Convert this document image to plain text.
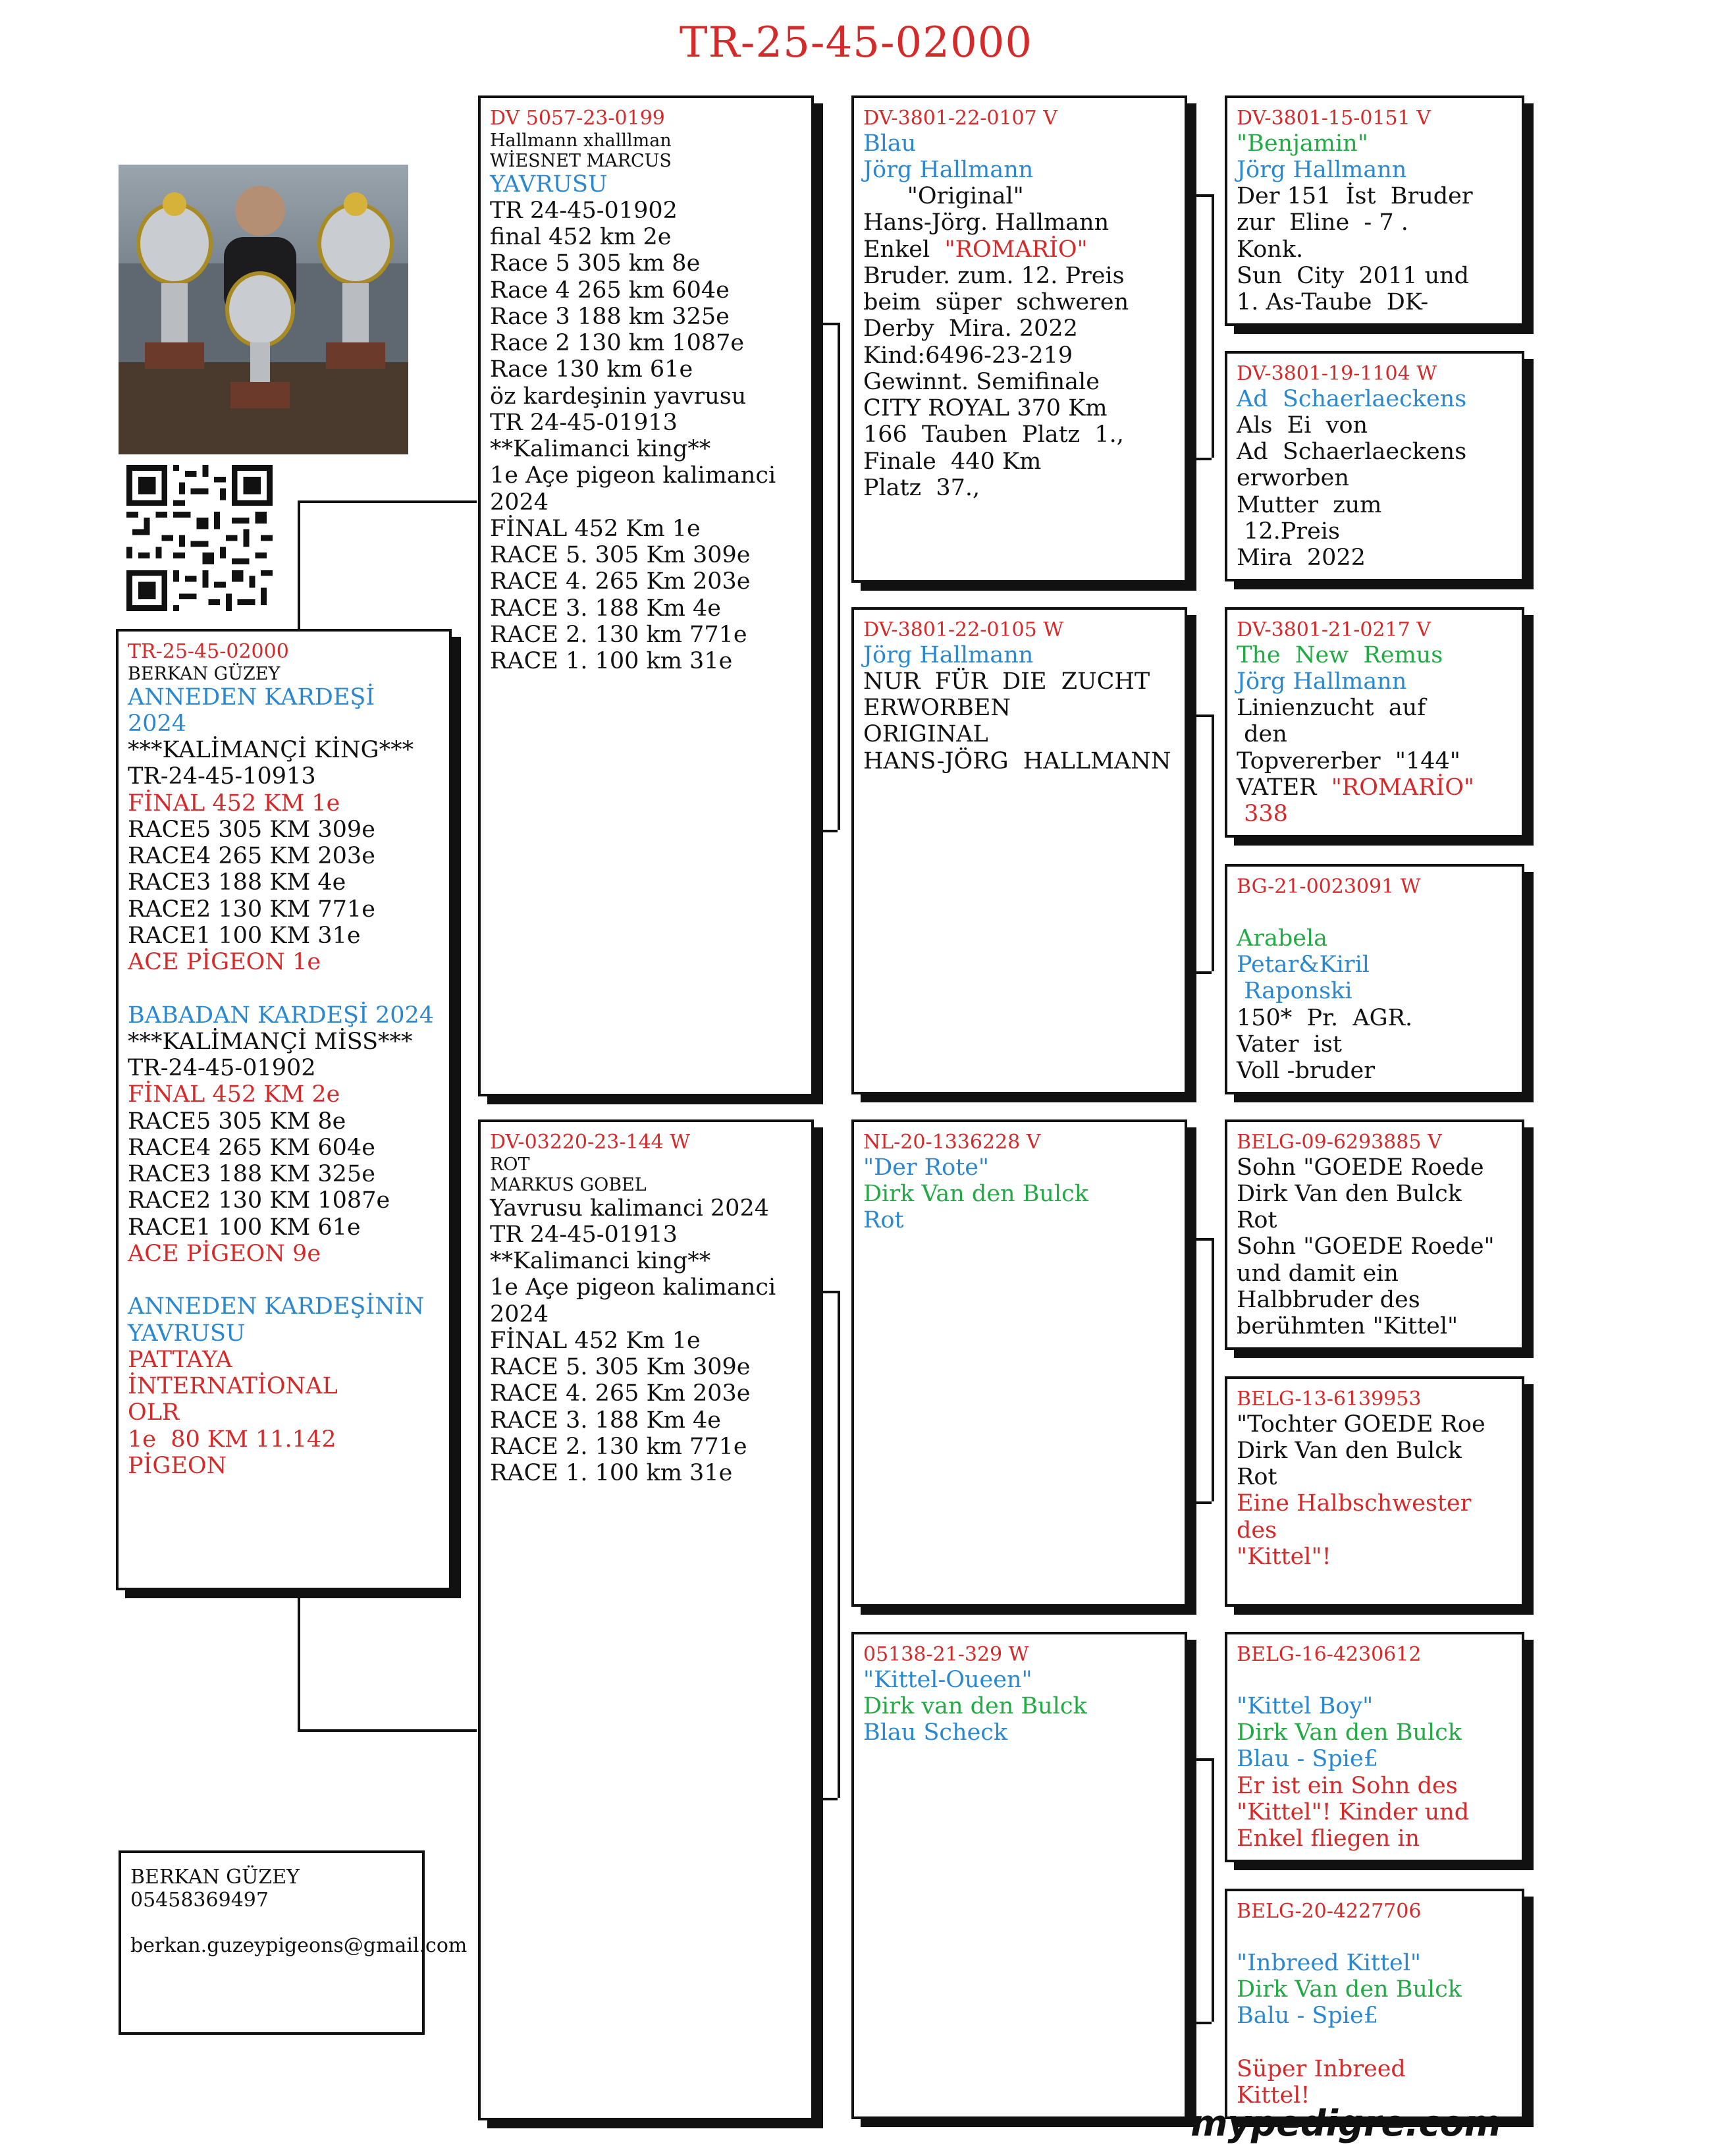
TR-25-45-02000
TR-25-45-02000
BERKAN GÜZEY
ANNEDEN KARDEŞİ 2024
***KALİMANÇİ KİNG***
TR-24-45-10913
FİNAL 452 KM 1e
RACE5 305 KM 309e
RACE4 265 KM 203e
RACE3 188 KM 4e
RACE2 130 KM 771e
RACE1 100 KM 31e
ACE PİGEON 1e

BABADAN KARDEŞİ 2024
***KALİMANÇİ MİSS***
TR-24-45-01902
FİNAL 452 KM 2e
RACE5 305 KM 8e
RACE4 265 KM 604e
RACE3 188 KM 325e
RACE2 130 KM 1087e
RACE1 100 KM 61e
ACE PİGEON 9e

ANNEDEN KARDEŞİNİN
YAVRUSU
PATTAYA İNTERNATİONAL
OLR
1e  80 KM 11.142
PİGEON
DV 5057-23-0199
Hallmann xhalllman
WİESNET MARCUS
YAVRUSU
TR 24-45-01902
final 452 km 2e
Race 5 305 km 8e
Race 4 265 km 604e
Race 3 188 km 325e
Race 2 130 km 1087e
Race 130 km 61e
öz kardeşinin yavrusu
TR 24-45-01913
**Kalimanci king**
1e Açe pigeon kalimanci
2024
FİNAL 452 Km 1e
RACE 5. 305 Km 309e
RACE 4. 265 Km 203e
RACE 3. 188 Km 4e
RACE 2. 130 km 771e
RACE 1. 100 km 31e
DV-03220-23-144 W
ROT
MARKUS GOBEL
Yavrusu kalimanci 2024
TR 24-45-01913
**Kalimanci king**
1e Açe pigeon kalimanci
2024
FİNAL 452 Km 1e
RACE 5. 305 Km 309e
RACE 4. 265 Km 203e
RACE 3. 188 Km 4e
RACE 2. 130 km 771e
RACE 1. 100 km 31e
DV-3801-22-0107 V
Blau
Jörg Hallmann
"Original"
Hans-Jörg. Hallmann
Enkel  "ROMARİO"
Bruder. zum. 12. Preis
beim  süper  schweren
Derby  Mira. 2022
Kind:6496-23-219
Gewinnt. Semifinale
CITY ROYAL 370 Km
166  Tauben  Platz  1.,
Finale  440 Km
Platz  37.,
DV-3801-22-0105 W
Jörg Hallmann
NUR  FÜR  DIE  ZUCHT
ERWORBEN
ORIGINAL
HANS-JÖRG  HALLMANN
NL-20-1336228 V
"Der Rote"
Dirk Van den Bulck
Rot
05138-21-329 W
"Kittel-Oueen"
Dirk van den Bulck
Blau Scheck
DV-3801-15-0151 V
"Benjamin"
Jörg Hallmann
Der 151  İst  Bruder
zur  Eline  - 7 .
Konk.
Sun  City  2011 und
1. As-Taube  DK-
DV-3801-19-1104 W
Ad  Schaerlaeckens
Als  Ei  von
Ad  Schaerlaeckens
erworben
Mutter  zum
12.Preis
Mira  2022
DV-3801-21-0217 V
The  New  Remus
Jörg Hallmann
Linienzucht  auf
den
Topvererber  "144"
VATER  "ROMARİO"
338
BG-21-0023091 W

Arabela
Petar&Kiril
Raponski
150*  Pr.  AGR.
Vater  ist
Voll -bruder
BELG-09-6293885 V
Sohn "GOEDE Roede
Dirk Van den Bulck
Rot
Sohn "GOEDE Roede"
und damit ein
Halbbruder des
berühmten "Kittel"
BELG-13-6139953
"Tochter GOEDE Roe
Dirk Van den Bulck
Rot
Eine Halbschwester
des
"Kittel"!
BELG-16-4230612

"Kittel Boy"
Dirk Van den Bulck
Blau - Spie£
Er ist ein Sohn des
"Kittel"! Kinder und
Enkel fliegen in
BELG-20-4227706

"Inbreed Kittel"
Dirk Van den Bulck
Balu - Spie£

Süper Inbreed
Kittel!
BERKAN GÜZEY
05458369497

berkan.guzeypigeons@gmail.com
mypedigre.com
